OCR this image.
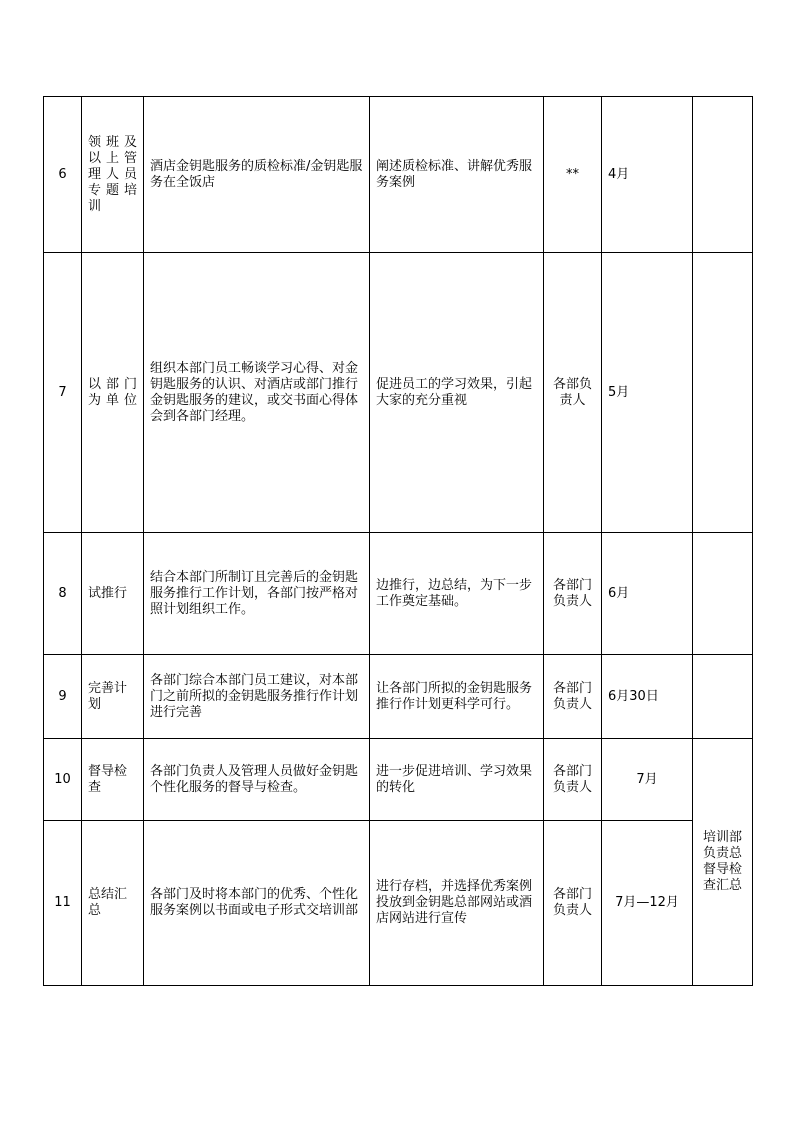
6	领班及以上管理人员专题培训	酒店金钥匙服务的质检标准/金钥匙服务在全饭店	阐述质检标准、讲解优秀服务案例	**	4月	
7	以部门为单位	组织本部门员工畅谈学习心得、对金钥匙服务的认识、对酒店或部门推行金钥匙服务的建议，或交书面心得体会到各部门经理。	促进员工的学习效果，引起大家的充分重视	各部负责人	5月	
8	试推行	结合本部门所制订且完善后的金钥匙服务推行工作计划，各部门按严格对照计划组织工作。	边推行，边总结，为下一步工作奠定基础。	各部门负责人	6月	
9	完善计划	各部门综合本部门员工建议，对本部门之前所拟的金钥匙服务推行作计划进行完善	让各部门所拟的金钥匙服务推行作计划更科学可行。	各部门负责人	6月30日	
10	督导检查	各部门负责人及管理人员做好金钥匙个性化服务的督导与检查。	进一步促进培训、学习效果的转化	各部门负责人	7月	培训部负责总督导检查汇总
11	总结汇总	各部门及时将本部门的优秀、个性化服务案例以书面或电子形式交培训部	进行存档，并选择优秀案例投放到金钥匙总部网站或酒店网站进行宣传	各部门负责人	7月—12月	
